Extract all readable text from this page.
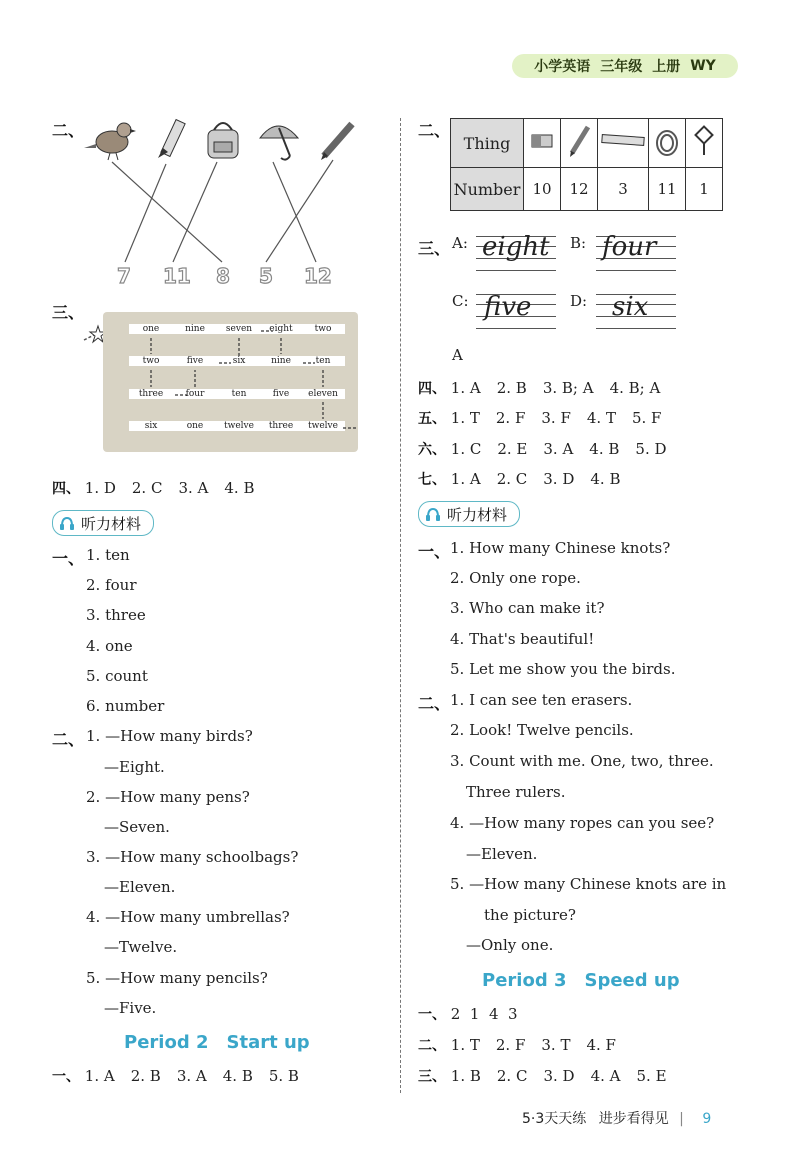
小学英语 三年级 上册 WY
二、
7 11 8 5 12
三、
one	nine	seven	eight	two
two	five	six	nine	ten
three	four	ten	five	eleven
six	one	twelve	three	twelve
四、 1. D 2. C 3. A 4. B
听力材料
一、 1. ten
2. four
3. three
4. one
5. count
6. number
二、 1. —How many birds?
—Eight.
2. —How many pens?
—Seven.
3. —How many schoolbags?
—Eleven.
4. —How many umbrellas?
—Twelve.
5. —How many pencils?
—Five.
Period 2 Start up
一、 1. A 2. B 3. A 4. B 5. B
二、
Thing					
Number	10	12	3	11	1
三、 A: eight B: four
C: five	D: six
A
四、 1. A 2. B 3. B; A 4. B; A
五、 1. T 2. F 3. F 4. T 5. F
六、 1. C 2. E 3. A 4. B 5. D
七、 1. A 2. C 3. D 4. B
听力材料
一、 1. How many Chinese knots?
2. Only one rope.
3. Who can make it?
4. That's beautiful!
5. Let me show you the birds.
二、 1. I can see ten erasers.
2. Look! Twelve pencils.
3. Count with me. One, two, three.
Three rulers.
4. —How many ropes can you see?
—Eleven.
5. —How many Chinese knots are in
the picture?
—Only one.
Period 3 Speed up
一、 2  1  4  3
二、 1. T 2. F 3. T 4. F
三、 1. B 2. C 3. D 4. A 5. E
5·3天天练 进步看得见 | 9
